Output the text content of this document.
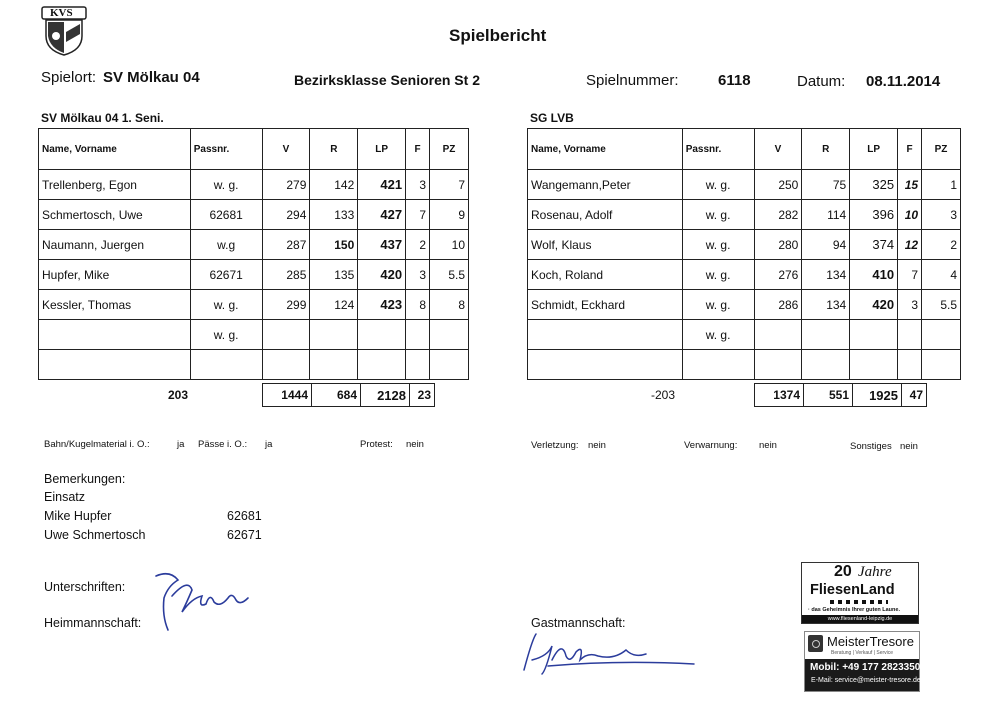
KVS
Spielbericht
Spielort: SV Mölkau 04	Bezirksklasse Senioren St 2	Spielnummer:	6118	Datum: 08.11.2014
SV Mölkau 04 1. Seni.
Name, Vorname	Passnr.	V	R	LP	F	PZ
Trellenberg, Egon	w. g.	279	142	421	3	7
Schmertosch, Uwe	62681	294	133	427	7	9
Naumann, Juergen	w.g	287	150	437	2	10
Hupfer, Mike	62671	285	135	420	3	5.5
Kessler, Thomas	w. g.	299	124	423	8	8
	w. g.					

203	1444	684	2128	23
SG LVB
Name, Vorname	Passnr.	V	R	LP	F	PZ
Wangemann,Peter	w. g.	250	75	325	15	1
Rosenau, Adolf	w. g.	282	114	396	10	3
Wolf, Klaus	w. g.	280	94	374	12	2
Koch, Roland	w. g.	276	134	410	7	4
Schmidt, Eckhard	w. g.	286	134	420	3	5.5
	w. g.					

-203	1374	551	1925	47
Bahn/Kugelmaterial i. O.:	ja Pässe i. O.: ja	Protest: nein	Verletzung: nein	Verwarnung: nein	Sonstiges nein
Bemerkungen:
Einsatz
Mike Hupfer	62681
Uwe Schmertosch	62671
Unterschriften:
Heimmannschaft:	Gastmannschaft:
20 Jahre
FliesenLand
· das Geheimnis Ihrer guten Laune.
www.fliesenland-leipzig.de
MeisterTresore
Beratung | Verkauf | Service
Mobil: +49 177 2823350
E-Mail: service@meister-tresore.de
